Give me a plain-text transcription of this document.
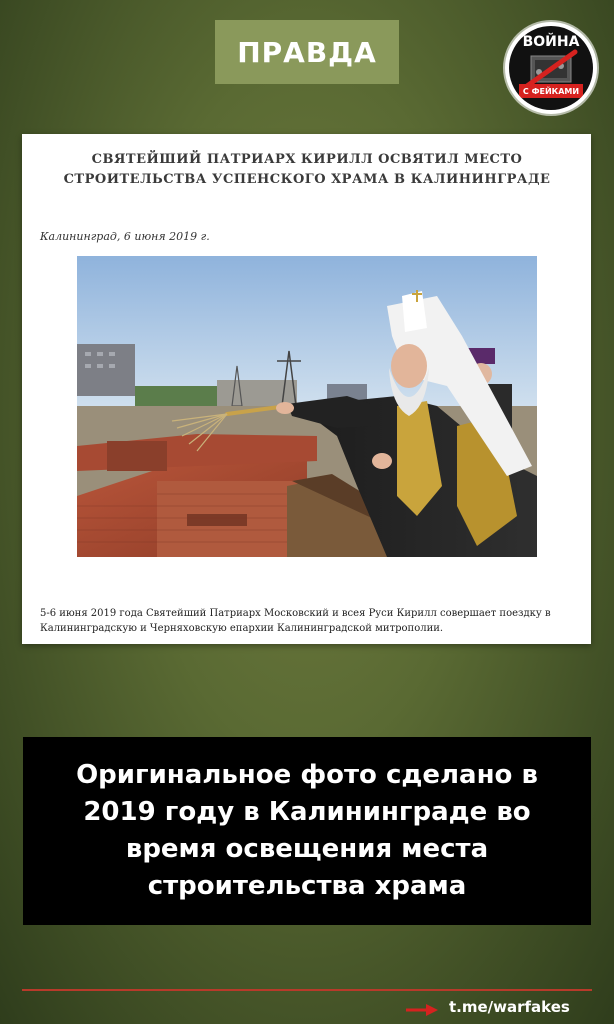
ПРАВДА	ВОЙНА
С ФЕЙКАМИ
СВЯТЕЙШИЙ ПАТРИАРХ КИРИЛЛ ОСВЯТИЛ МЕСТО СТРОИТЕЛЬСТВА УСПЕНСКОГО ХРАМА В КАЛИНИНГРАДЕ
Калининград, 6 июня 2019 г.
5-6 июня 2019 года Святейший Патриарх Московский и всея Руси Кирилл совершает поездку в Калининградскую и Черняховскую епархии Калининградской митрополии.
Оригинальное фото сделано в 2019 году в Калининграде во время освещения места строительства храма
t.me/warfakes
